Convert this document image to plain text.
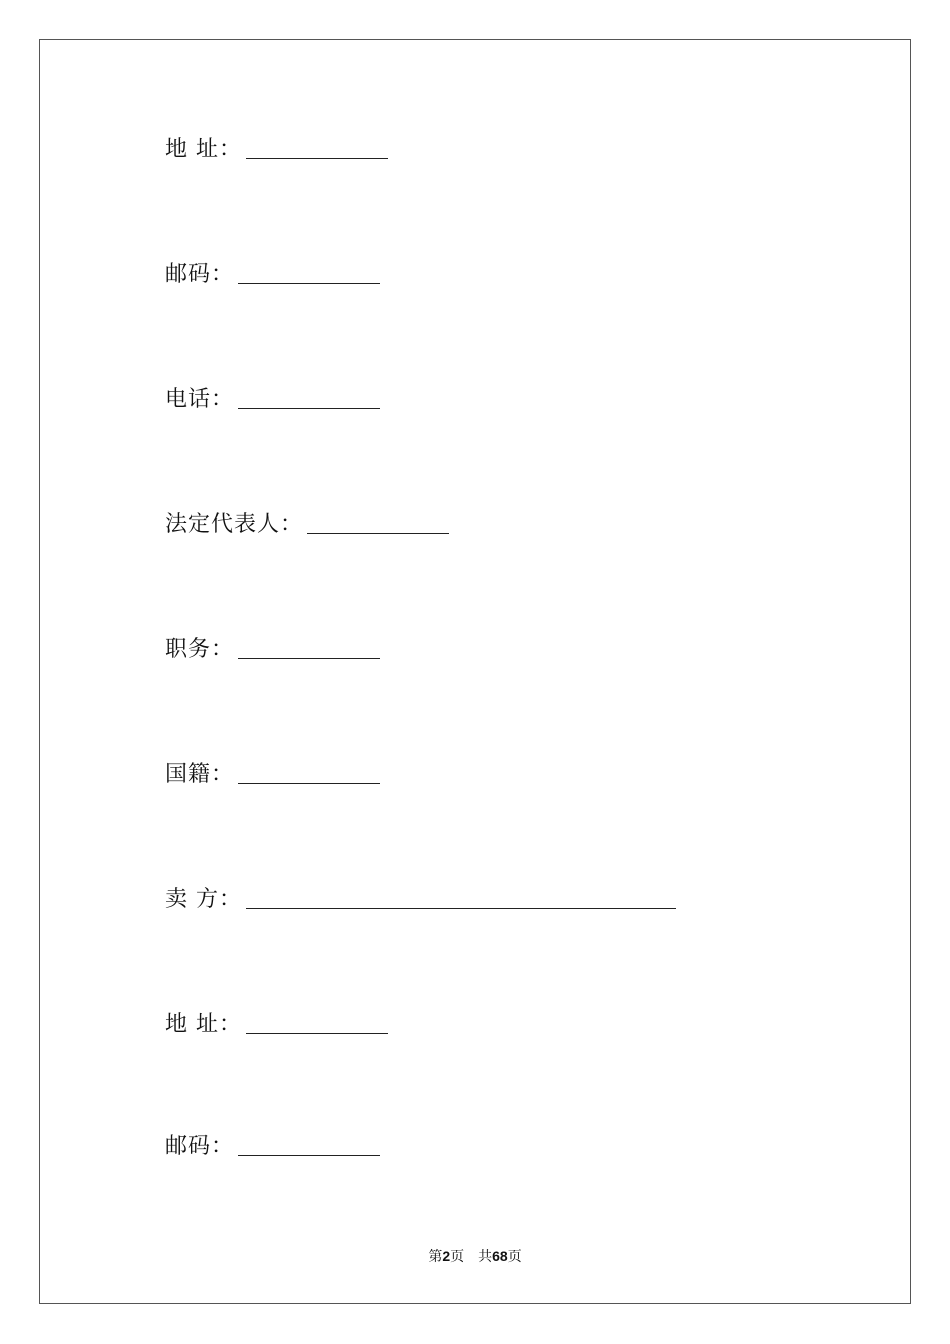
地 址：
邮码：
电话：
法定代表人：
职务：
国籍：
卖 方：
地 址：
邮码：
第2页 共68页
